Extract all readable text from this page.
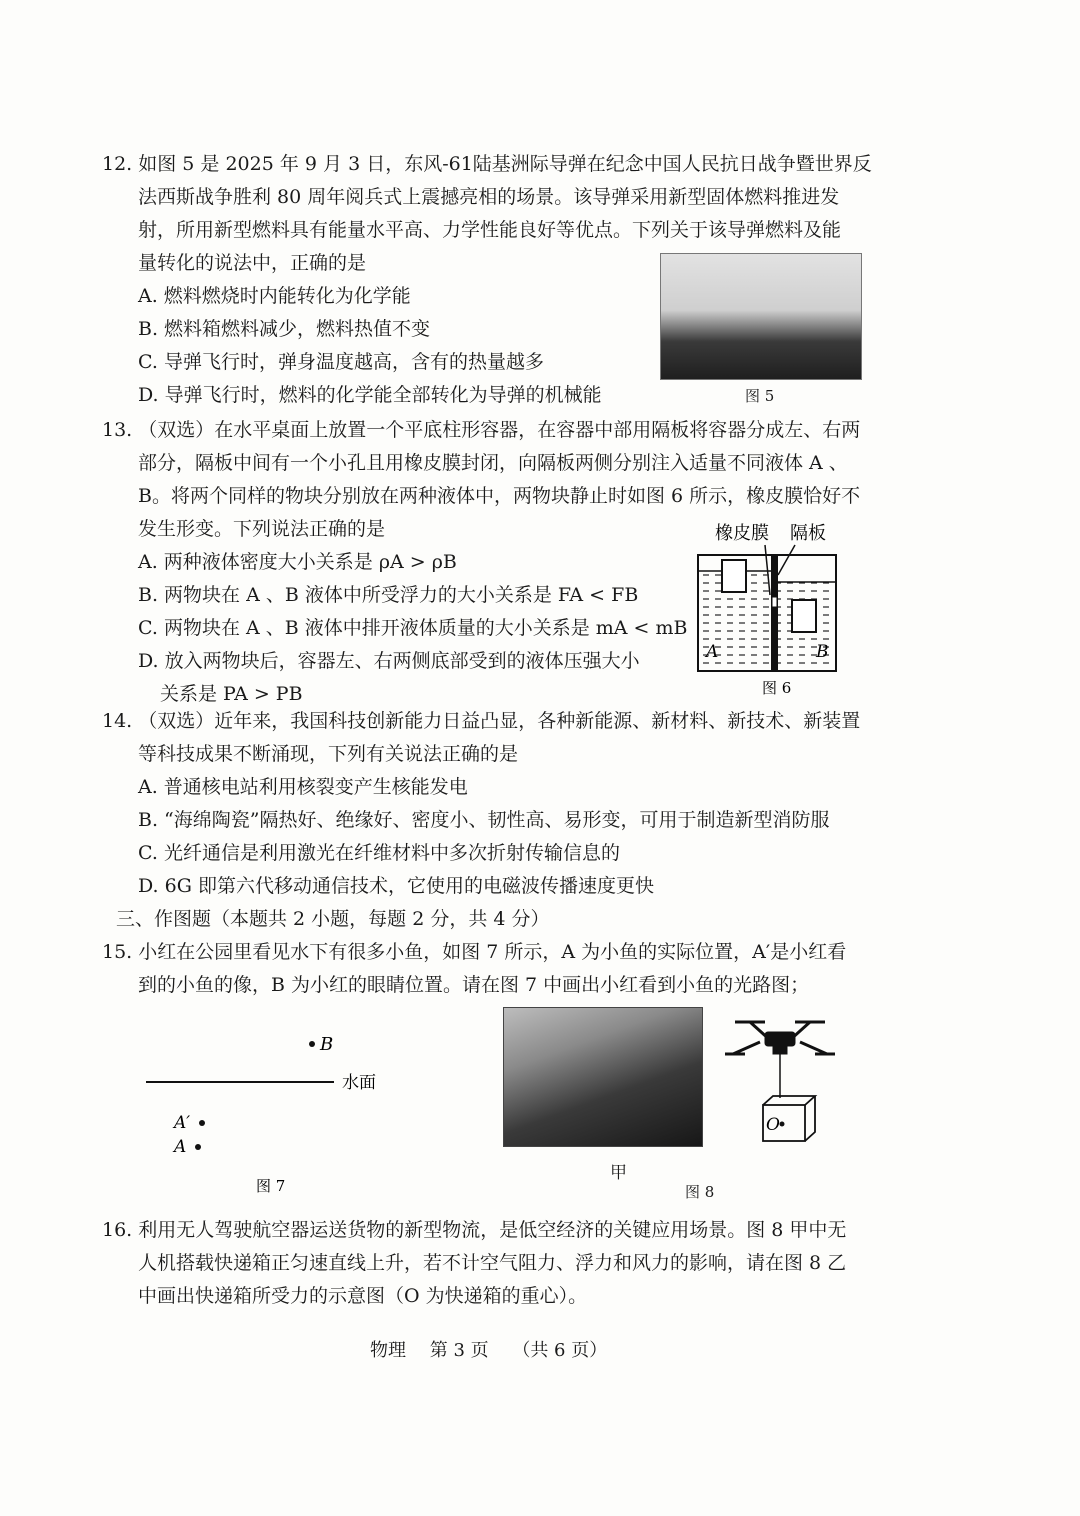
12. 如图 5 是 2025 年 9 月 3 日，东风-61陆基洲际导弹在纪念中国人民抗日战争暨世界反
法西斯战争胜利 80 周年阅兵式上震撼亮相的场景。该导弹采用新型固体燃料推进发
射，所用新型燃料具有能量水平高、力学性能良好等优点。下列关于该导弹燃料及能
量转化的说法中，正确的是
A. 燃料燃烧时内能转化为化学能
B. 燃料箱燃料减少，燃料热值不变
C. 导弹飞行时，弹身温度越高，含有的热量越多
D. 导弹飞行时，燃料的化学能全部转化为导弹的机械能	图 5
13. （双选）在水平桌面上放置一个平底柱形容器，在容器中部用隔板将容器分成左、右两
部分，隔板中间有一个小孔且用橡皮膜封闭，向隔板两侧分别注入适量不同液体 A 、
B。将两个同样的物块分别放在两种液体中，两物块静止时如图 6 所示，橡皮膜恰好不
发生形变。下列说法正确的是
A. 两种液体密度大小关系是 ρA > ρB
B. 两物块在 A 、B 液体中所受浮力的大小关系是 FA < FB
C. 两物块在 A 、B 液体中排开液体质量的大小关系是 mA < mB
D. 放入两物块后，容器左、右两侧底部受到的液体压强大小
关系是 PA > PB
橡皮膜 隔板
A	B
图 6
14. （双选）近年来，我国科技创新能力日益凸显，各种新能源、新材料、新技术、新装置
等科技成果不断涌现，下列有关说法正确的是
A. 普通核电站利用核裂变产生核能发电
B. “海绵陶瓷”隔热好、绝缘好、密度小、韧性高、易形变，可用于制造新型消防服
C. 光纤通信是利用激光在纤维材料中多次折射传输信息的
D. 6G 即第六代移动通信技术，它使用的电磁波传播速度更快
三、作图题（本题共 2 小题，每题 2 分，共 4 分）
15. 小红在公园里看见水下有很多小鱼，如图 7 所示，A 为小鱼的实际位置，A′是小红看
到的小鱼的像，B 为小红的眼睛位置。请在图 7 中画出小红看到小鱼的光路图；
B
水面
A′
A
图 7
甲
O
图 8
16. 利用无人驾驶航空器运送货物的新型物流，是低空经济的关键应用场景。图 8 甲中无
人机搭载快递箱正匀速直线上升，若不计空气阻力、浮力和风力的影响，请在图 8 乙
中画出快递箱所受力的示意图（O 为快递箱的重心）。
物理　 第 3 页　 （共 6 页）
